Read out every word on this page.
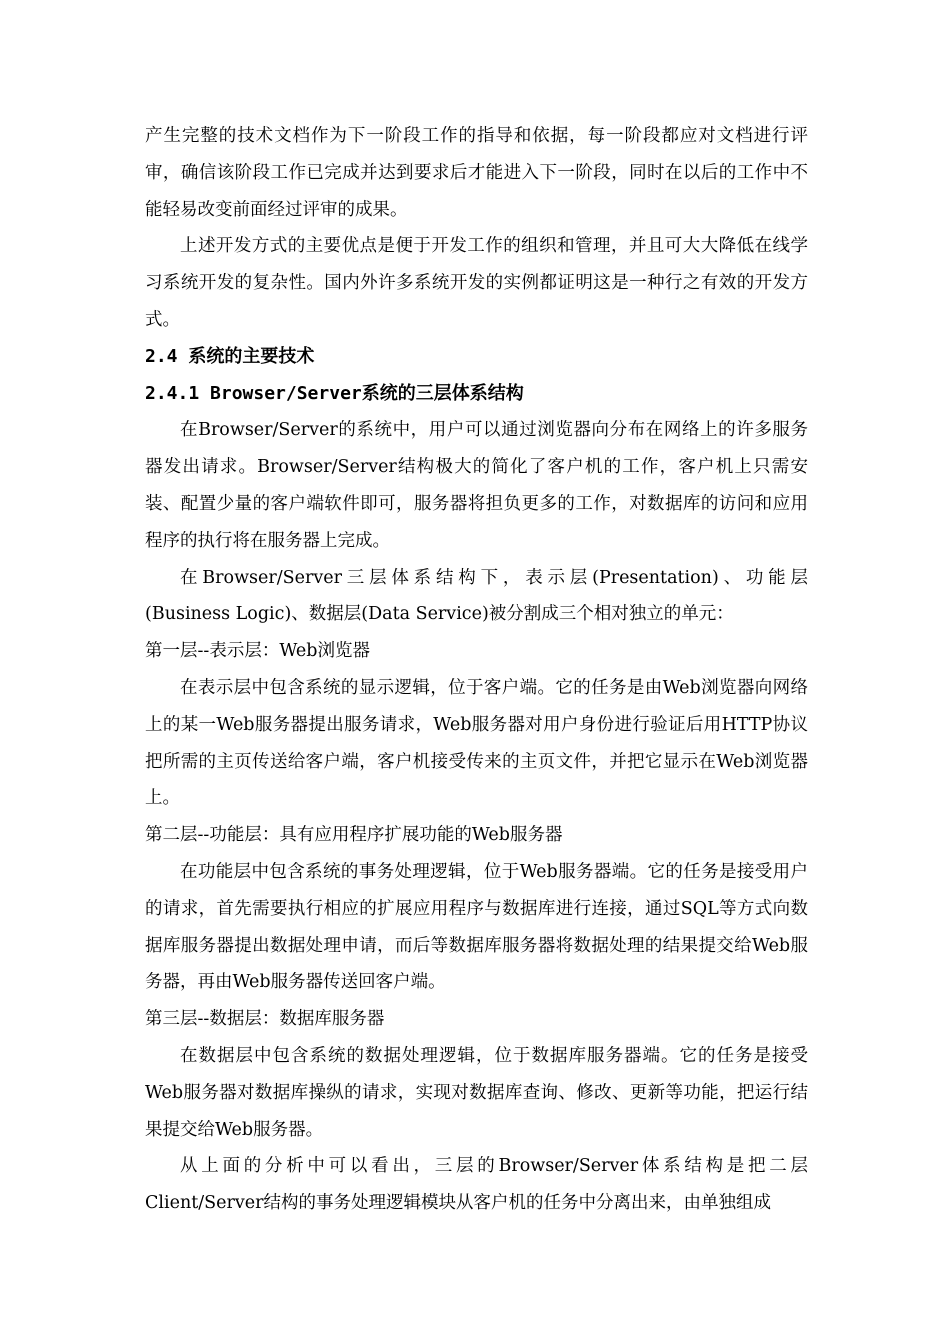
产生完整的技术文档作为下一阶段工作的指导和依据，每一阶段都应对文档进行评审，确信该阶段工作已完成并达到要求后才能进入下一阶段，同时在以后的工作中不能轻易改变前面经过评审的成果。

上述开发方式的主要优点是便于开发工作的组织和管理，并且可大大降低在线学习系统开发的复杂性。国内外许多系统开发的实例都证明这是一种行之有效的开发方式。

2.4 系统的主要技术

2.4.1 Browser/Server系统的三层体系结构

在Browser/Server的系统中，用户可以通过浏览器向分布在网络上的许多服务器发出请求。Browser/Server结构极大的简化了客户机的工作，客户机上只需安装、配置少量的客户端软件即可，服务器将担负更多的工作，对数据库的访问和应用程序的执行将在服务器上完成。

在Browser/Server三层体系结构下，表示层(Presentation)、功能层(Business Logic)、数据层(Data Service)被分割成三个相对独立的单元：

第一层--表示层：Web浏览器

在表示层中包含系统的显示逻辑，位于客户端。它的任务是由Web浏览器向网络上的某一Web服务器提出服务请求，Web服务器对用户身份进行验证后用HTTP协议把所需的主页传送给客户端，客户机接受传来的主页文件，并把它显示在Web浏览器上。

第二层--功能层：具有应用程序扩展功能的Web服务器

在功能层中包含系统的事务处理逻辑，位于Web服务器端。它的任务是接受用户的请求，首先需要执行相应的扩展应用程序与数据库进行连接，通过SQL等方式向数据库服务器提出数据处理申请，而后等数据库服务器将数据处理的结果提交给Web服务器，再由Web服务器传送回客户端。

第三层--数据层：数据库服务器

在数据层中包含系统的数据处理逻辑，位于数据库服务器端。它的任务是接受Web服务器对数据库操纵的请求，实现对数据库查询、修改、更新等功能，把运行结果提交给Web服务器。

从上面的分析中可以看出，三层的Browser/Server体系结构是把二层Client/Server结构的事务处理逻辑模块从客户机的任务中分离出来，由单独组成
